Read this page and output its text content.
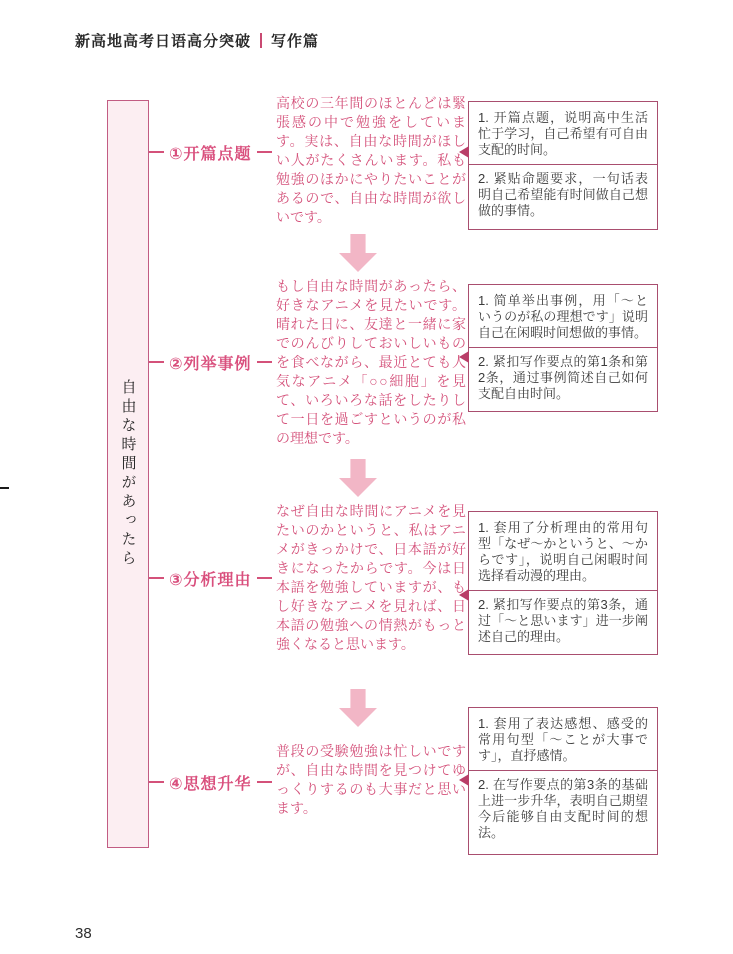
新高地高考日语高分突破 写作篇
自由な時間があったら
①开篇点题
高校の三年間のほとんどは緊張感の中で勉強をしています。実は、自由な時間がほしい人がたくさんいます。私も勉強のほかにやりたいことがあるので、自由な時間が欲しいです。
1. 开篇点题，说明高中生活忙于学习，自己希望有可自由支配的时间。
2. 紧贴命题要求，一句话表明自己希望能有时间做自己想做的事情。
②列举事例
もし自由な時間があったら、好きなアニメを見たいです。晴れた日に、友達と一緒に家でのんびりしておいしいものを食べながら、最近とても人気なアニメ「○○細胞」を見て、いろいろな話をしたりして一日を過ごすというのが私の理想です。
1. 简单举出事例，用「～というのが私の理想です」说明自己在闲暇时间想做的事情。
2. 紧扣写作要点的第1条和第2条，通过事例简述自己如何支配自由时间。
③分析理由
なぜ自由な時間にアニメを見たいのかというと、私はアニメがきっかけで、日本語が好きになったからです。今は日本語を勉強していますが、もし好きなアニメを見れば、日本語の勉強への情熱がもっと強くなると思います。
1. 套用了分析理由的常用句型「なぜ～かというと、～からです」，说明自己闲暇时间选择看动漫的理由。
2. 紧扣写作要点的第3条，通过「～と思います」进一步阐述自己的理由。
④思想升华
普段の受験勉強は忙しいですが、自由な時間を見つけてゆっくりするのも大事だと思います。
1. 套用了表达感想、感受的常用句型「～ことが大事です」，直抒感情。
2. 在写作要点的第3条的基础上进一步升华，表明自己期望今后能够自由支配时间的想法。
38
